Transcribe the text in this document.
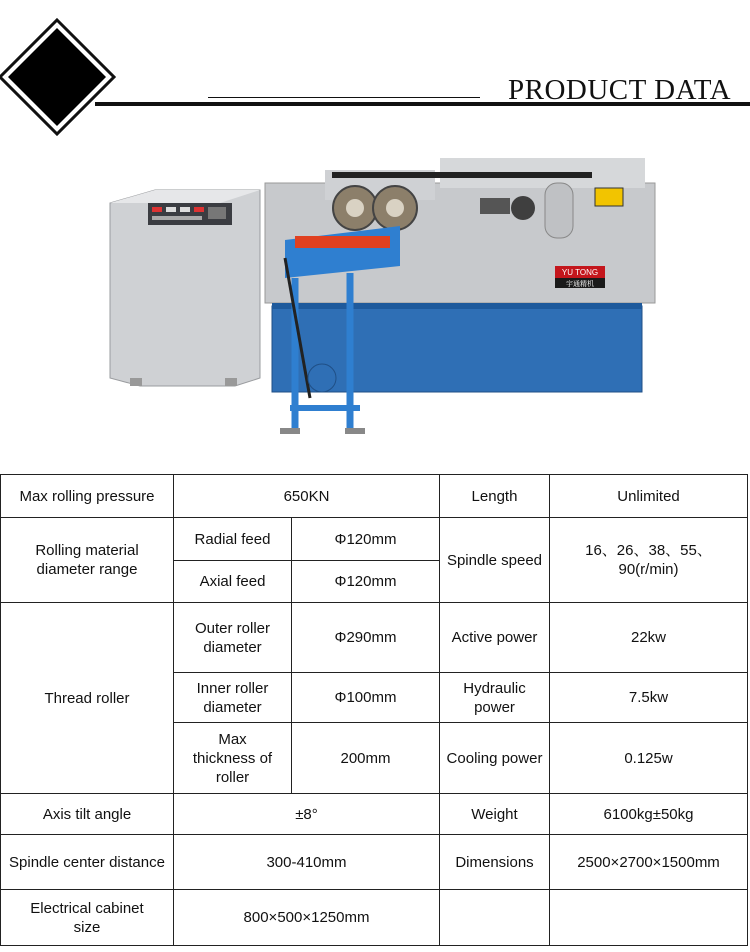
PRODUCT DATA
YU TONG
宇通精机
Max rolling pressure	650KN		Length	Unlimited
Rolling material diameter range	Radial feed	Φ120mm	Spindle speed	16、26、38、55、90(r/min)
	Axial feed	Φ120mm		
Thread roller	Outer roller diameter	Φ290mm	Active power	22kw
	Inner roller diameter	Φ100mm	Hydraulic power	7.5kw
	Max thickness of roller	200mm	Cooling power	0.125w
Axis tilt angle	±8°		Weight	6100kg±50kg
Spindle center distance	300-410mm		Dimensions	2500×2700×1500mm
Electrical cabinet size	800×500×1250mm			
